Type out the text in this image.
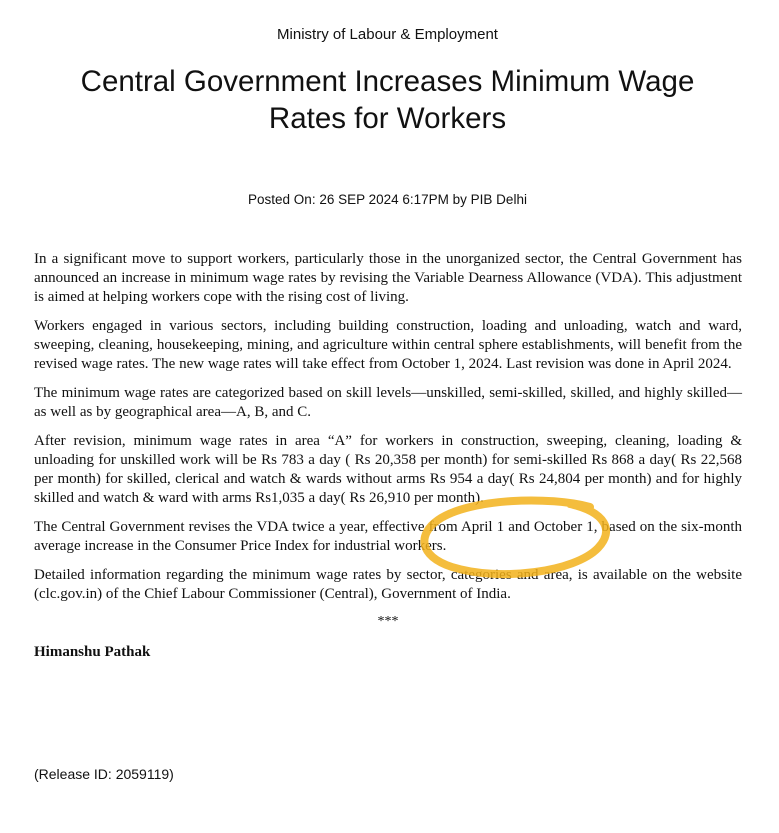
Ministry of Labour & Employment
Central Government Increases Minimum Wage Rates for Workers
Posted On: 26 SEP 2024 6:17PM by PIB Delhi

In a significant move to support workers, particularly those in the unorganized sector, the Central Government has announced an increase in minimum wage rates by revising the Variable Dearness Allowance (VDA). This adjustment is aimed at helping workers cope with the rising cost of living.

Workers engaged in various sectors, including building construction, loading and unloading, watch and ward, sweeping, cleaning, housekeeping, mining, and agriculture within central sphere establishments, will benefit from the revised wage rates. The new wage rates will take effect from October 1, 2024. Last revision was done in April 2024.

The minimum wage rates are categorized based on skill levels—unskilled, semi-skilled, skilled, and highly skilled—as well as by geographical area—A, B, and C.

After revision, minimum wage rates in area “A” for workers in construction, sweeping, cleaning, loading & unloading for unskilled work will be Rs 783 a day ( Rs 20,358 per month) for semi-skilled Rs 868 a day( Rs 22,568 per month) for skilled, clerical and watch & wards without arms Rs 954 a day( Rs 24,804 per month) and for highly skilled and watch & ward with arms Rs1,035 a day( Rs 26,910 per month).

The Central Government revises the VDA twice a year, effective from April 1 and October 1, based on the six-month average increase in the Consumer Price Index for industrial workers.

Detailed information regarding the minimum wage rates by sector, categories and area, is available on the website (clc.gov.in) of the Chief Labour Commissioner (Central), Government of India.

***
Himanshu Pathak
(Release ID: 2059119)
